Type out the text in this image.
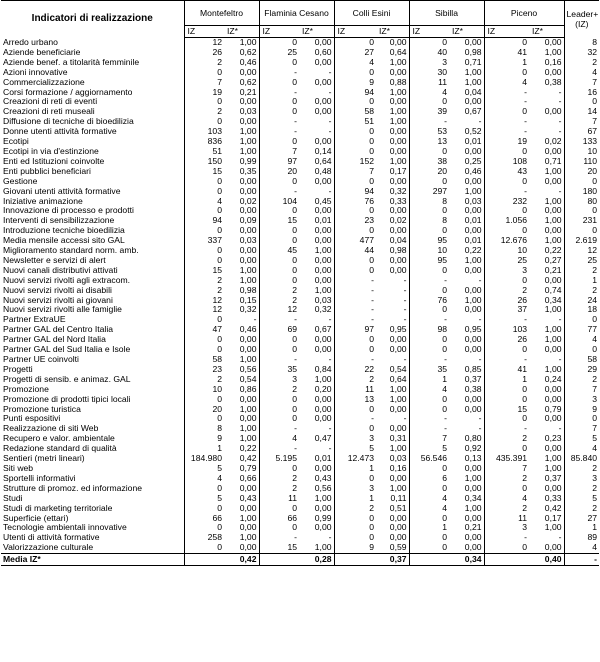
Indicatori di realizzazione	Montefeltro		Flaminia Cesano		Colli Esini		Sibilla		Piceno		Leader+ (IZ)
	IZ	IZ*	IZ	IZ*	IZ	IZ*	IZ	IZ*	IZ	IZ*	
Arredo urbano	12	1,00	0	0,00	0	0,00	0	0,00	0	0,00	8
Aziende beneficiarie	26	0,62	25	0,60	27	0,64	40	0,98	41	1,00	32
Aziende benef. a titolarità femminile	2	0,46	0	0,00	4	1,00	3	0,71	1	0,16	2
Azioni innovative	0	0,00	-	-	0	0,00	30	1,00	0	0,00	4
Commercializzazione	7	0,62	0	0,00	9	0,88	11	1,00	4	0,38	7
Corsi formazione / aggiornamento	19	0,21	-	-	94	1,00	4	0,04	-	-	16
Creazioni di reti di eventi	0	0,00	0	0,00	0	0,00	0	0,00	-	-	0
Creazioni di reti museali	2	0,03	0	0,00	58	1,00	39	0,67	0	0,00	14
Diffusione di tecniche di bioedilizia	0	0,00	-	-	51	1,00	-	-	-	-	7
Donne utenti attività formative	103	1,00	-	-	0	0,00	53	0,52	-	-	67
Ecotipi	836	1,00	0	0,00	0	0,00	13	0,01	19	0,02	133
Ecotipi in via d'estinzione	51	1,00	7	0,14	0	0,00	0	0,00	0	0,00	10
Enti ed Istituzioni coinvolte	150	0,99	97	0,64	152	1,00	38	0,25	108	0,71	110
Enti pubblici beneficiari	15	0,35	20	0,48	7	0,17	20	0,46	43	1,00	20
Gestione	0	0,00	0	0,00	0	0,00	0	0,00	0	0,00	0
Giovani utenti attività formative	0	0,00	-	-	94	0,32	297	1,00	-	-	180
Iniziative animazione	4	0,02	104	0,45	76	0,33	8	0,03	232	1,00	80
Innovazione di processo e prodotti	0	0,00	0	0,00	0	0,00	0	0,00	0	0,00	0
Interventi di sensibilizzazione	94	0,09	15	0,01	23	0,02	8	0,01	1.056	1,00	231
Introduzione tecniche bioedilizia	0	0,00	0	0,00	0	0,00	0	0,00	0	0,00	0
Media mensile accessi sito GAL	337	0,03	0	0,00	477	0,04	95	0,01	12.676	1,00	2.619
Miglioramento standard norm. amb.	0	0,00	45	1,00	44	0,98	10	0,22	10	0,22	12
Newsletter e servizi di alert	0	0,00	0	0,00	0	0,00	95	1,00	25	0,27	25
Nuovi canali distributivi attivati	15	1,00	0	0,00	0	0,00	0	0,00	3	0,21	2
Nuovi servizi rivolti agli extracom.	2	1,00	0	0,00	-	-	-	-	0	0,00	1
Nuovi servizi rivolti ai disabili	2	0,98	2	1,00	-	-	0	0,00	2	0,74	2
Nuovi servizi rivolti ai giovani	12	0,15	2	0,03	-	-	76	1,00	26	0,34	24
Nuovi servizi rivolti alle famiglie	12	0,32	12	0,32	-	-	0	0,00	37	1,00	18
Partner ExtraUE	0	-	-	-	-	-	-	-	-	-	0
Partner GAL del Centro Italia	47	0,46	69	0,67	97	0,95	98	0,95	103	1,00	77
Partner GAL del Nord Italia	0	0,00	0	0,00	0	0,00	0	0,00	26	1,00	4
Partner GAL del Sud Italia e Isole	0	0,00	0	0,00	0	0,00	0	0,00	0	0,00	0
Partner UE coinvolti	58	1,00	-	-	-	-	-	-	-	-	58
Progetti	23	0,56	35	0,84	22	0,54	35	0,85	41	1,00	29
Progetti di sensib. e animaz. GAL	2	0,54	3	1,00	2	0,64	1	0,37	1	0,24	2
Promozione	10	0,86	2	0,20	11	1,00	4	0,38	0	0,00	7
Promozione di prodotti tipici locali	0	0,00	0	0,00	13	1,00	0	0,00	0	0,00	3
Promozione turistica	20	1,00	0	0,00	0	0,00	0	0,00	15	0,79	9
Punti espositivi	0	0,00	0	0,00	-	-	-	-	0	0,00	0
Realizzazione di siti Web	8	1,00	-	-	0	0,00	-	-	-	-	7
Recupero e valor. ambientale	9	1,00	4	0,47	3	0,31	7	0,80	2	0,23	5
Redazione standard di qualità	1	0,22	-	-	5	1,00	5	0,92	0	0,00	4
Sentieri (metri lineari)	184.980	0,42	5.195	0,01	12.473	0,03	56.546	0,13	435.391	1,00	85.840
Siti web	5	0,79	0	0,00	1	0,16	0	0,00	7	1,00	2
Sportelli informativi	4	0,66	2	0,43	0	0,00	6	1,00	2	0,37	3
Strutture di promoz. ed informazione	0	0,00	2	0,56	3	1,00	0	0,00	0	0,00	2
Studi	5	0,43	11	1,00	1	0,11	4	0,34	4	0,33	5
Studi di marketing territoriale	0	0,00	0	0,00	2	0,51	4	1,00	2	0,42	2
Superficie (ettari)	66	1,00	66	0,99	0	0,00	0	0,00	11	0,17	27
Tecnologie ambientali innovative	0	0,00	0	0,00	0	0,00	1	0,21	3	1,00	1
Utenti di attività formative	258	1,00	-	-	0	0,00	0	0,00	-	-	89
Valorizzazione culturale	0	0,00	15	1,00	9	0,59	0	0,00	0	0,00	4
Media IZ*		0,42		0,28		0,37		0,34		0,40	-
